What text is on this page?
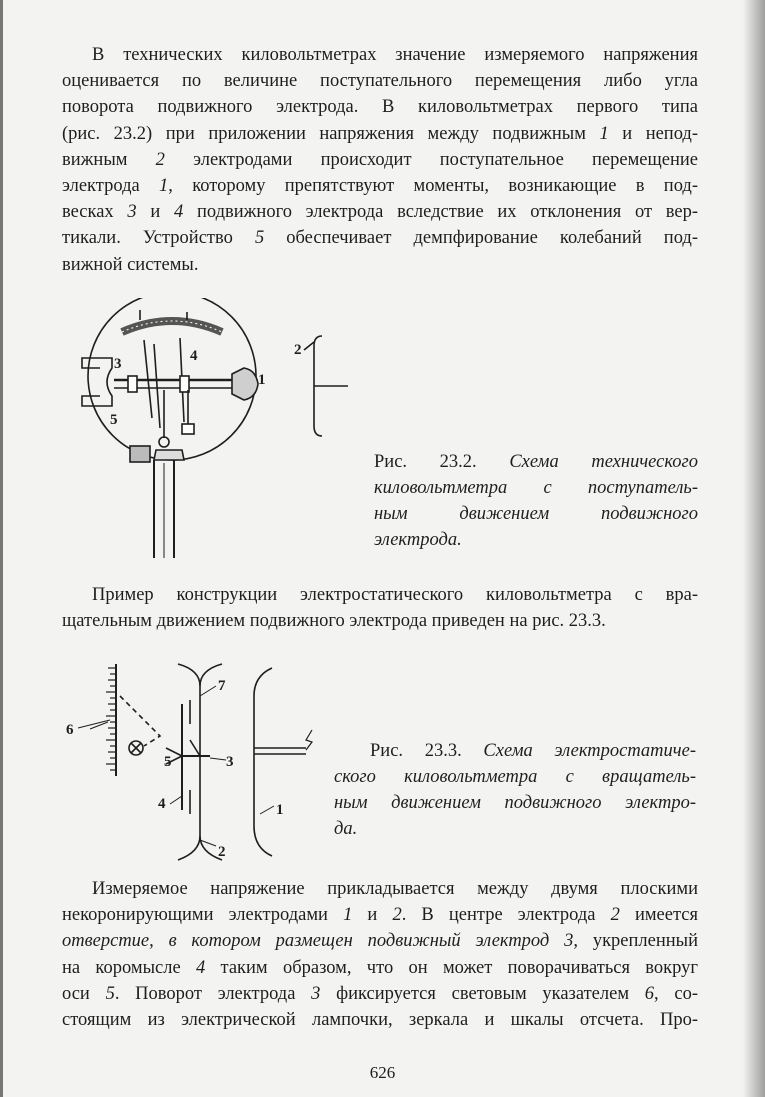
В технических киловольтметрах значение измеряемого напряжения
оценивается по величине поступательного перемещения либо угла
поворота подвижного электрода. В киловольтметрах первого типа
(рис. 23.2) при приложении напряжения между подвижным 1 и непод-
вижным 2 электродами происходит поступательное перемещение
электрода 1, которому препятствуют моменты, возникающие в под-
весках 3 и 4 подвижного электрода вследствие их отклонения от вер-
тикали. Устройство 5 обеспечивает демпфирование колебаний под-
вижной системы.
3	4
1
5
2
Рис. 23.2. Схема технического
киловольтметра с поступатель-
ным движением подвижного
электрода.
Пример конструкции электростатического киловольтметра с вра-
щательным движением подвижного электрода приведен на рис. 23.3.
6
7
5	3
4	1
2
Рис. 23.3. Схема электростатиче-
ского киловольтметра с вращатель-
ным движением подвижного электро-
да.
Измеряемое напряжение прикладывается между двумя плоскими
некоронирующими электродами 1 и 2. В центре электрода 2 имеется
отверстие, в котором размещен подвижный электрод 3, укрепленный
на коромысле 4 таким образом, что он может поворачиваться вокруг
оси 5. Поворот электрода 3 фиксируется световым указателем 6, со-
стоящим из электрической лампочки, зеркала и шкалы отсчета. Про-
626
